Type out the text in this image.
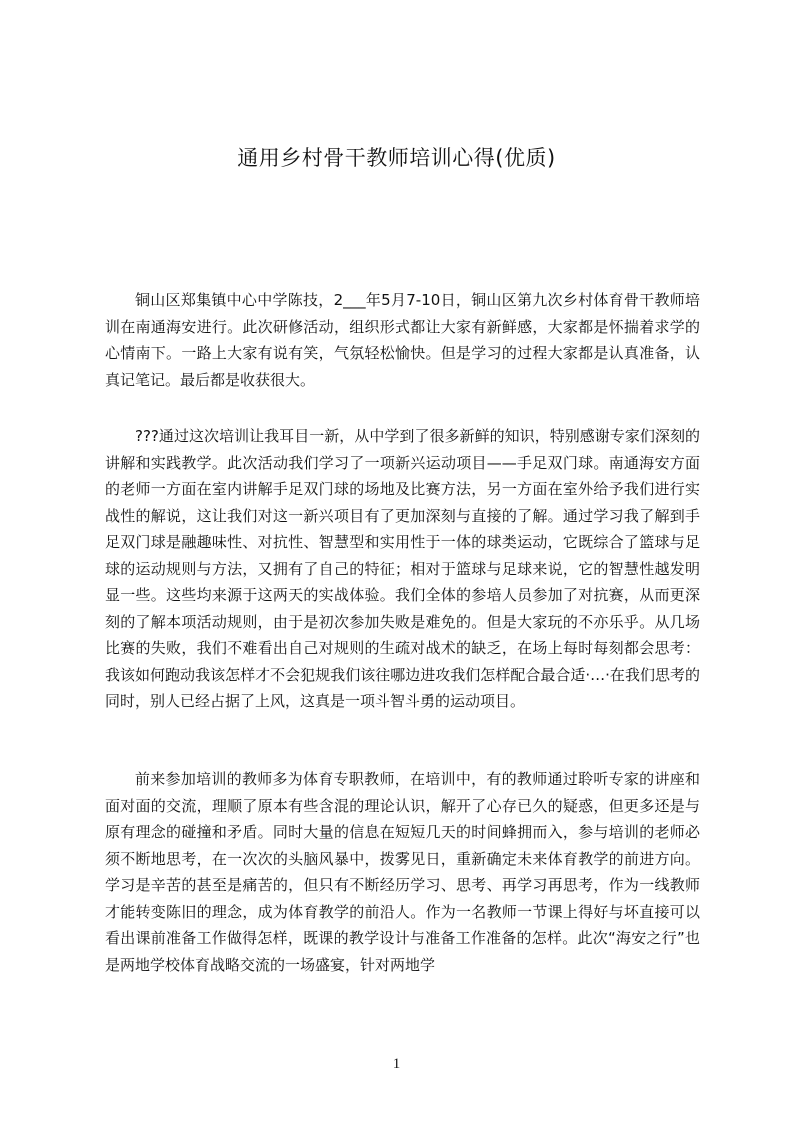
通用乡村骨干教师培训心得(优质)

铜山区郑集镇中心中学陈技，2___年5月7-10日，铜山区第九次乡村体育骨干教师培训在南通海安进行。此次研修活动，组织形式都让大家有新鲜感，大家都是怀揣着求学的心情南下。一路上大家有说有笑，气氛轻松愉快。但是学习的过程大家都是认真准备，认真记笔记。最后都是收获很大。

???通过这次培训让我耳目一新，从中学到了很多新鲜的知识，特别感谢专家们深刻的讲解和实践教学。此次活动我们学习了一项新兴运动项目——手足双门球。南通海安方面的老师一方面在室内讲解手足双门球的场地及比赛方法，另一方面在室外给予我们进行实战性的解说，这让我们对这一新兴项目有了更加深刻与直接的了解。通过学习我了解到手足双门球是融趣味性、对抗性、智慧型和实用性于一体的球类运动，它既综合了篮球与足球的运动规则与方法，又拥有了自己的特征；相对于篮球与足球来说，它的智慧性越发明显一些。这些均来源于这两天的实战体验。我们全体的参培人员参加了对抗赛，从而更深刻的了解本项活动规则，由于是初次参加失败是难免的。但是大家玩的不亦乐乎。从几场比赛的失败，我们不难看出自己对规则的生疏对战术的缺乏，在场上每时每刻都会思考：我该如何跑动我该怎样才不会犯规我们该往哪边进攻我们怎样配合最合适·…·在我们思考的同时，别人已经占据了上风，这真是一项斗智斗勇的运动项目。

前来参加培训的教师多为体育专职教师，在培训中，有的教师通过聆听专家的讲座和面对面的交流，理顺了原本有些含混的理论认识，解开了心存已久的疑惑，但更多还是与原有理念的碰撞和矛盾。同时大量的信息在短短几天的时间蜂拥而入，参与培训的老师必须不断地思考，在一次次的头脑风暴中，拨雾见日，重新确定未来体育教学的前进方向。学习是辛苦的甚至是痛苦的，但只有不断经历学习、思考、再学习再思考，作为一线教师才能转变陈旧的理念，成为体育教学的前沿人。作为一名教师一节课上得好与坏直接可以看出课前准备工作做得怎样，既课的教学设计与准备工作准备的怎样。此次“海安之行”也是两地学校体育战略交流的一场盛宴，针对两地学

1
